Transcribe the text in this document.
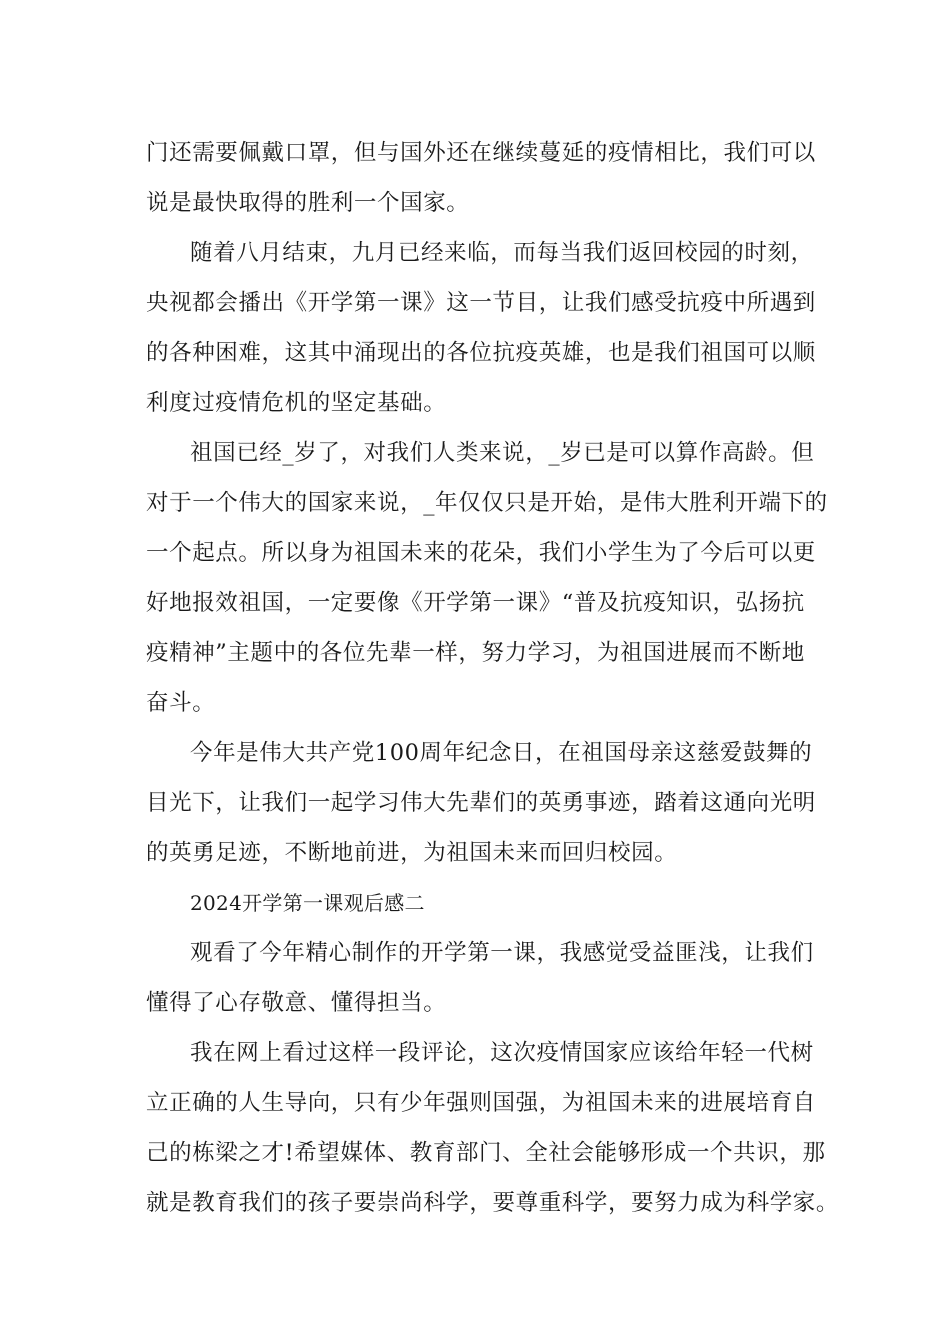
门还需要佩戴口罩，但与国外还在继续蔓延的疫情相比，我们可以
说是最快取得的胜利一个国家。
随着八月结束，九月已经来临，而每当我们返回校园的时刻，
央视都会播出《开学第一课》这一节目，让我们感受抗疫中所遇到
的各种困难，这其中涌现出的各位抗疫英雄，也是我们祖国可以顺
利度过疫情危机的坚定基础。
祖国已经_岁了，对我们人类来说，_岁已是可以算作高龄。但
对于一个伟大的国家来说，_年仅仅只是开始，是伟大胜利开端下的
一个起点。所以身为祖国未来的花朵，我们小学生为了今后可以更
好地报效祖国，一定要像《开学第一课》“普及抗疫知识，弘扬抗
疫精神”主题中的各位先辈一样，努力学习，为祖国进展而不断地
奋斗。
今年是伟大共产党100周年纪念日，在祖国母亲这慈爱鼓舞的
目光下，让我们一起学习伟大先辈们的英勇事迹，踏着这通向光明
的英勇足迹，不断地前进，为祖国未来而回归校园。
2024开学第一课观后感二
观看了今年精心制作的开学第一课，我感觉受益匪浅，让我们
懂得了心存敬意、懂得担当。
我在网上看过这样一段评论，这次疫情国家应该给年轻一代树
立正确的人生导向，只有少年强则国强，为祖国未来的进展培育自
己的栋梁之才!希望媒体、教育部门、全社会能够形成一个共识，那
就是教育我们的孩子要崇尚科学，要尊重科学，要努力成为科学家。
